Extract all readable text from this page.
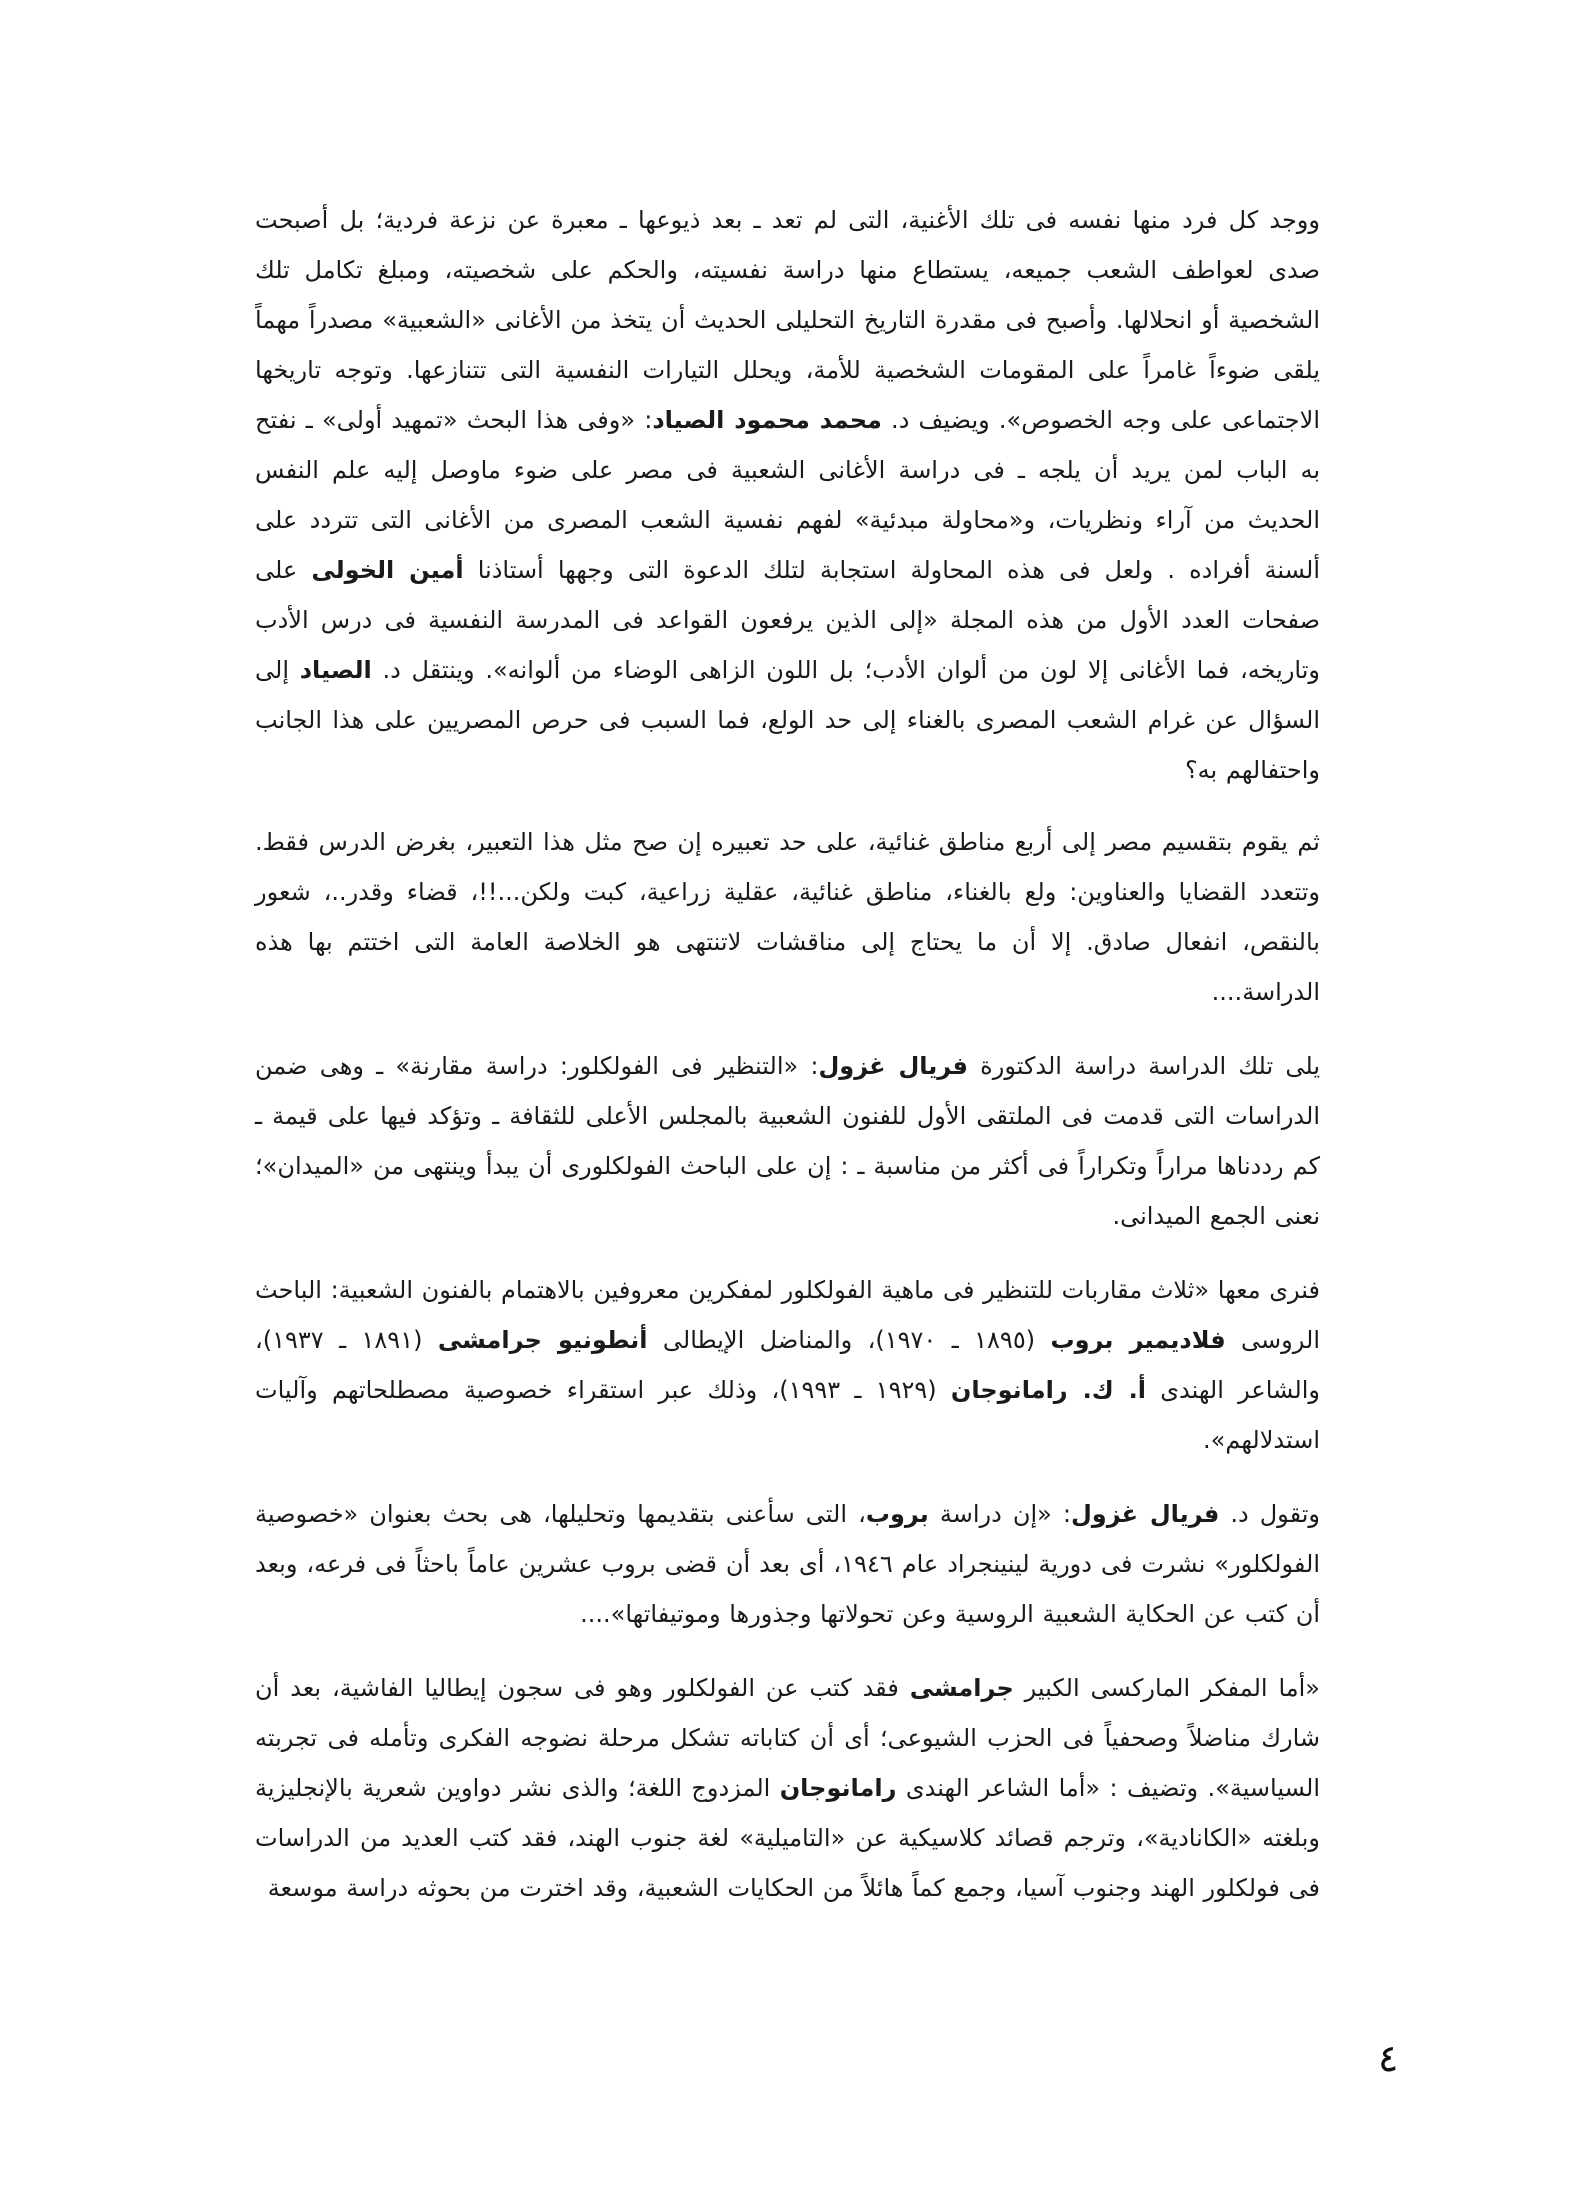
ووجد كل فرد منها نفسه فى تلك الأغنية، التى لم تعد ـ بعد ذيوعها ـ معبرة عن نزعة فردية؛ بل أصبحت صدى لعواطف الشعب جميعه، يستطاع منها دراسة نفسيته، والحكم على شخصيته، ومبلغ تكامل تلك الشخصية أو انحلالها. وأصبح فى مقدرة التاريخ التحليلى الحديث أن يتخذ من الأغانى «الشعبية» مصدراً مهماً يلقى ضوءاً غامراً على المقومات الشخصية للأمة، ويحلل التيارات النفسية التى تتنازعها. وتوجه تاريخها الاجتماعى على وجه الخصوص». ويضيف د. محمد محمود الصياد: «وفى هذا البحث «تمهيد أولى» ـ نفتح به الباب لمن يريد أن يلجه ـ فى دراسة الأغانى الشعبية فى مصر على ضوء ماوصل إليه علم النفس الحديث من آراء ونظريات، و«محاولة مبدئية» لفهم نفسية الشعب المصرى من الأغانى التى تتردد على ألسنة أفراده . ولعل فى هذه المحاولة استجابة لتلك الدعوة التى وجهها أستاذنا أمين الخولى على صفحات العدد الأول من هذه المجلة «إلى الذين يرفعون القواعد فى المدرسة النفسية فى درس الأدب وتاريخه، فما الأغانى إلا لون من ألوان الأدب؛ بل اللون الزاهى الوضاء من ألوانه». وينتقل د. الصياد إلى السؤال عن غرام الشعب المصرى بالغناء إلى حد الولع، فما السبب فى حرص المصريين على هذا الجانب واحتفالهم به؟

ثم يقوم بتقسيم مصر إلى أربع مناطق غنائية، على حد تعبيره إن صح مثل هذا التعبير، بغرض الدرس فقط. وتتعدد القضايا والعناوين: ولع بالغناء، مناطق غنائية، عقلية زراعية، كبت ولكن...!!، قضاء وقدر..، شعور بالنقص، انفعال صادق. إلا أن ما يحتاج إلى مناقشات لاتنتهى هو الخلاصة العامة التى اختتم بها هذه الدراسة....

يلى تلك الدراسة دراسة الدكتورة فريال غزول: «التنظير فى الفولكلور: دراسة مقارنة» ـ وهى ضمن الدراسات التى قدمت فى الملتقى الأول للفنون الشعبية بالمجلس الأعلى للثقافة ـ وتؤكد فيها على قيمة ـ كم رددناها مراراً وتكراراً فى أكثر من مناسبة ـ : إن على الباحث الفولكلورى أن يبدأ وينتهى من «الميدان»؛ نعنى الجمع الميدانى.

فنرى معها «ثلاث مقاربات للتنظير فى ماهية الفولكلور لمفكرين معروفين بالاهتمام بالفنون الشعبية: الباحث الروسى فلاديمير بروب (١٨٩٥ ـ ١٩٧٠)، والمناضل الإيطالى أنطونيو جرامشى (١٨٩١ ـ ١٩٣٧)، والشاعر الهندى أ. ك. رامانوجان (١٩٢٩ ـ ١٩٩٣)، وذلك عبر استقراء خصوصية مصطلحاتهم وآليات استدلالهم».

وتقول د. فريال غزول: «إن دراسة بروب، التى سأعنى بتقديمها وتحليلها، هى بحث بعنوان «خصوصية الفولكلور» نشرت فى دورية لينينجراد عام ١٩٤٦، أى بعد أن قضى بروب عشرين عاماً باحثاً فى فرعه، وبعد أن كتب عن الحكاية الشعبية الروسية وعن تحولاتها وجذورها وموتيفاتها»....

«أما المفكر الماركسى الكبير جرامشى فقد كتب عن الفولكلور وهو فى سجون إيطاليا الفاشية، بعد أن شارك مناضلاً وصحفياً فى الحزب الشيوعى؛ أى أن كتاباته تشكل مرحلة نضوجه الفكرى وتأمله فى تجربته السياسية». وتضيف : «أما الشاعر الهندى رامانوجان المزدوج اللغة؛ والذى نشر دواوين شعرية بالإنجليزية وبلغته «الكانادية»، وترجم قصائد كلاسيكية عن «التاميلية» لغة جنوب الهند، فقد كتب العديد من الدراسات فى فولكلور الهند وجنوب آسيا، وجمع كماً هائلاً من الحكايات الشعبية، وقد اخترت من بحوثه دراسة موسعة

٤
